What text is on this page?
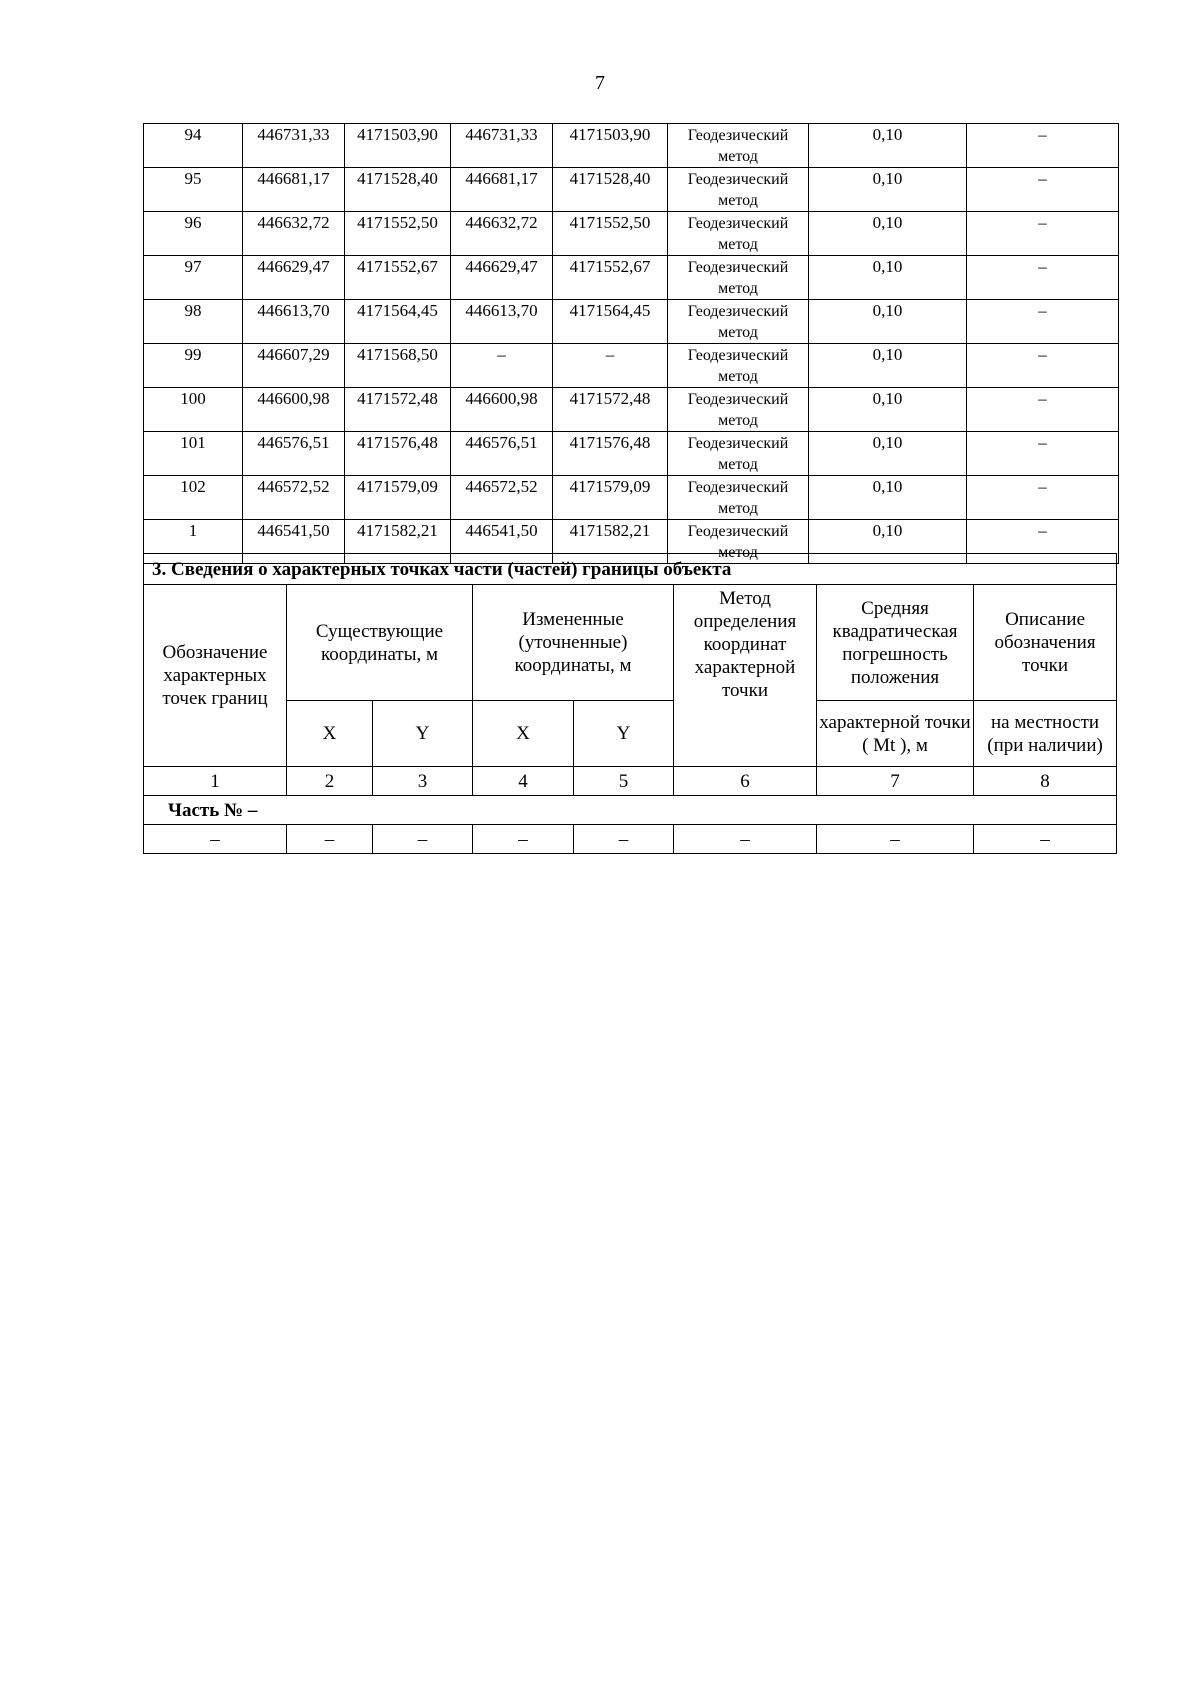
7
94	446731,33	4171503,90	446731,33	4171503,90	Геодезический метод	0,10	–
95	446681,17	4171528,40	446681,17	4171528,40	Геодезический метод	0,10	–
96	446632,72	4171552,50	446632,72	4171552,50	Геодезический метод	0,10	–
97	446629,47	4171552,67	446629,47	4171552,67	Геодезический метод	0,10	–
98	446613,70	4171564,45	446613,70	4171564,45	Геодезический метод	0,10	–
99	446607,29	4171568,50	–	–	Геодезический метод	0,10	–
100	446600,98	4171572,48	446600,98	4171572,48	Геодезический метод	0,10	–
101	446576,51	4171576,48	446576,51	4171576,48	Геодезический метод	0,10	–
102	446572,52	4171579,09	446572,52	4171579,09	Геодезический метод	0,10	–
1	446541,50	4171582,21	446541,50	4171582,21	Геодезический метод	0,10	–
3. Сведения о характерных точках части (частей) границы объекта							
Обозначение характерных точек границ	Существующие координаты, м		Измененные (уточненные) координаты, м		Метод определения координат характерной точки	Средняя квадратическая погрешность положения	Описание обозначения точки
	X	Y	X	Y		характерной точки ( Mt ), м	на местности (при наличии)
1	2	3	4	5	6	7	8
Часть № –							
–	–	–	–	–	–	–	–
